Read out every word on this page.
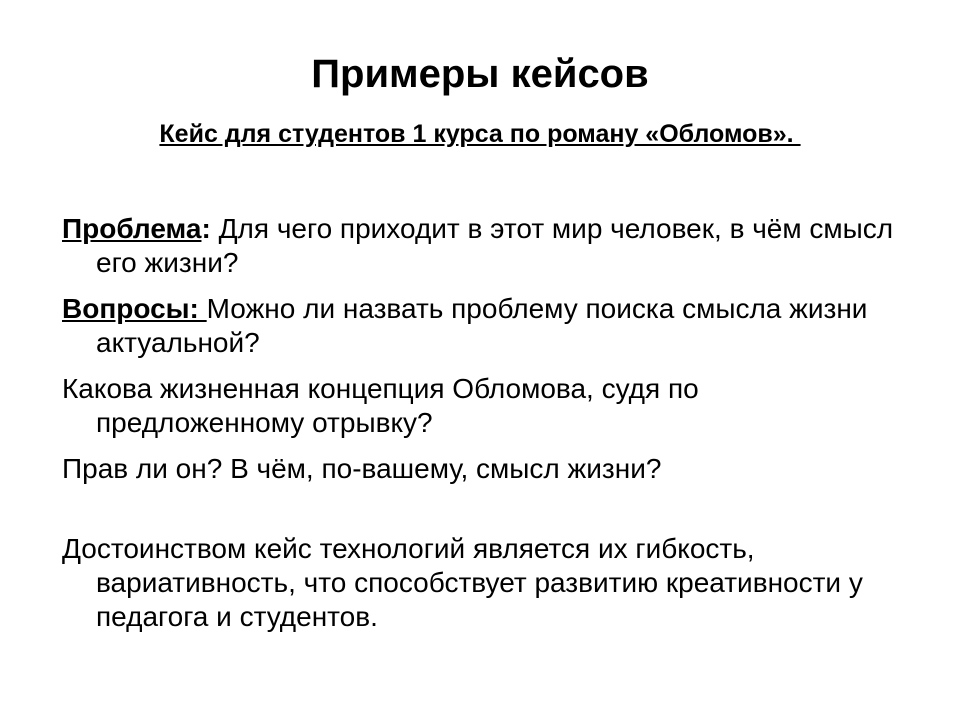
Примеры кейсов
Кейс для студентов 1 курса по роману «Обломов».

Проблема: Для чего приходит в этот мир человек, в чём смысл его жизни?

Вопросы: Можно ли назвать проблему поиска смысла жизни актуальной?

Какова жизненная концепция Обломова, судя по предложенному отрывку?

Прав ли он? В чём, по-вашему, смысл жизни?

Достоинством кейс технологий является их гибкость, вариативность, что способствует развитию креативности у  педагога и студентов.
